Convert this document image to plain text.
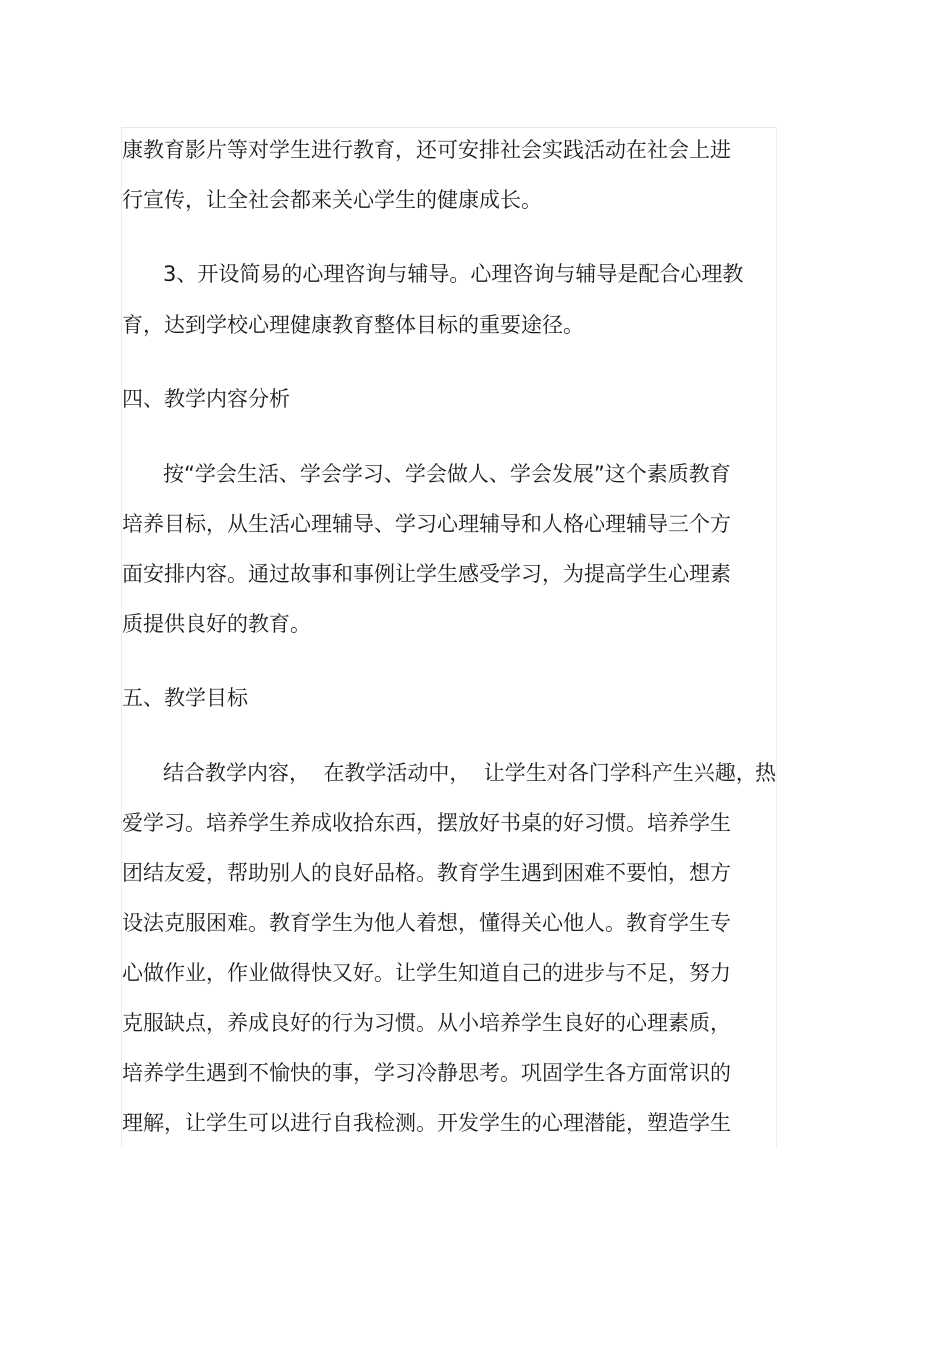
康教育影片等对学生进行教育，还可安排社会实践活动在社会上进
行宣传，让全社会都来关心学生的健康成长。
3、开设简易的心理咨询与辅导。心理咨询与辅导是配合心理教
育，达到学校心理健康教育整体目标的重要途径。
四、教学内容分析
按“学会生活、学会学习、学会做人、学会发展”这个素质教育
培养目标，从生活心理辅导、学习心理辅导和人格心理辅导三个方
面安排内容。通过故事和事例让学生感受学习，为提高学生心理素
质提供良好的教育。
五、教学目标
结合教学内容，  在教学活动中，  让学生对各门学科产生兴趣，
热
爱学习。培养学生养成收拾东西，摆放好书桌的好习惯。培养学生
团结友爱，帮助别人的良好品格。教育学生遇到困难不要怕，想方
设法克服困难。教育学生为他人着想，懂得关心他人。教育学生专
心做作业，作业做得快又好。让学生知道自己的进步与不足，努力
克服缺点，养成良好的行为习惯。从小培养学生良好的心理素质，
培养学生遇到不愉快的事，学习冷静思考。巩固学生各方面常识的
理解，让学生可以进行自我检测。开发学生的心理潜能，塑造学生
